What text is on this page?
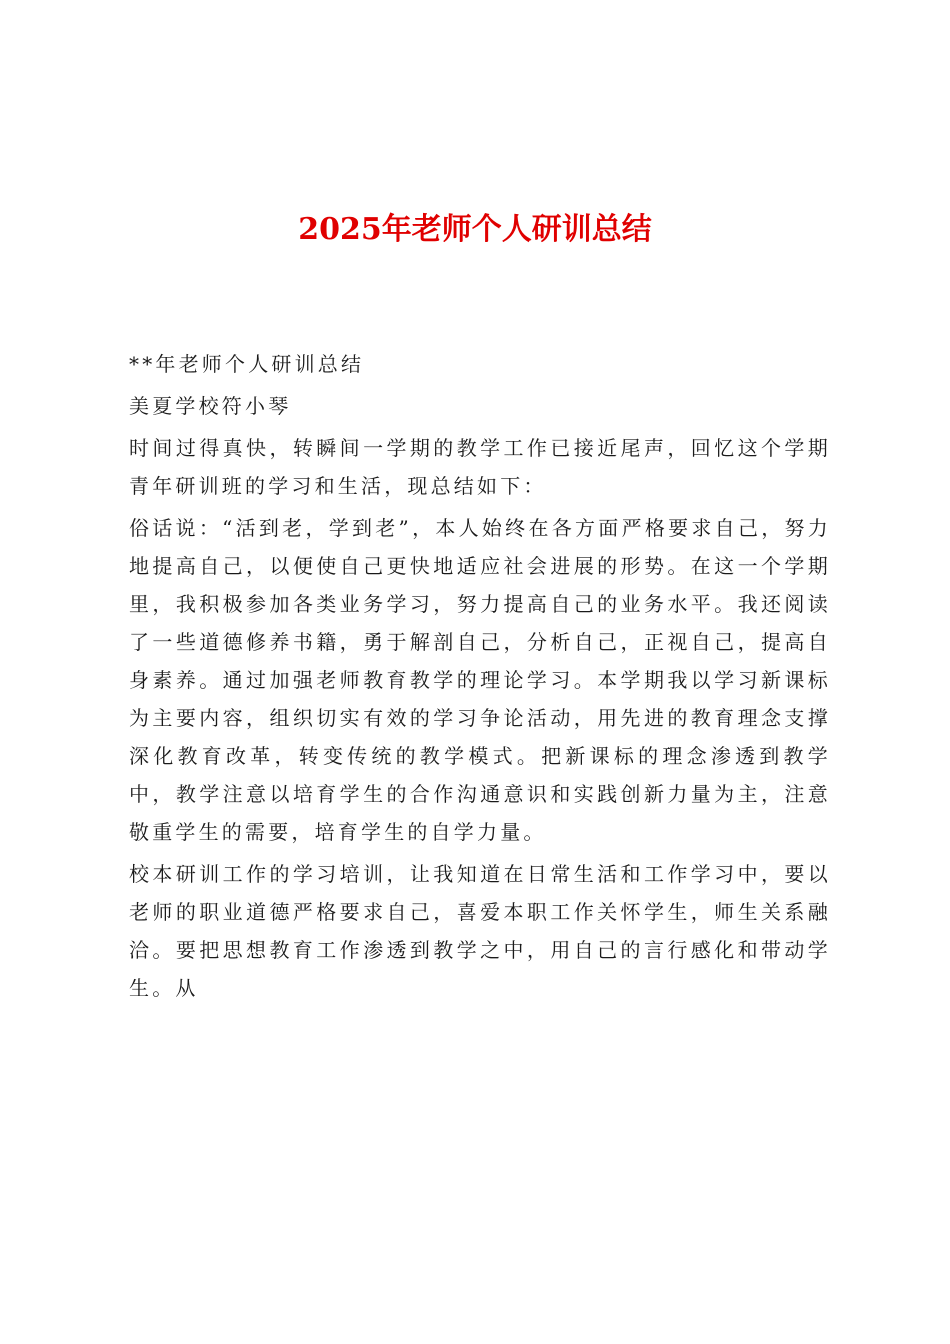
2025年老师个人研训总结

**年老师个人研训总结

美夏学校符小琴

时间过得真快，转瞬间一学期的教学工作已接近尾声，回忆这个学期青年研训班的学习和生活，现总结如下：

俗话说：“活到老，学到老”，本人始终在各方面严格要求自己，努力地提高自己，以便使自己更快地适应社会进展的形势。在这一个学期里，我积极参加各类业务学习，努力提高自己的业务水平。我还阅读了一些道德修养书籍，勇于解剖自己，分析自己，正视自己，提高自身素养。通过加强老师教育教学的理论学习。本学期我以学习新课标为主要内容，组织切实有效的学习争论活动，用先进的教育理念支撑深化教育改革，转变传统的教学模式。把新课标的理念渗透到教学中，教学注意以培育学生的合作沟通意识和实践创新力量为主，注意敬重学生的需要，培育学生的自学力量。

校本研训工作的学习培训，让我知道在日常生活和工作学习中，要以老师的职业道德严格要求自己，喜爱本职工作关怀学生，师生关系融洽。要把思想教育工作渗透到教学之中，用自己的言行感化和带动学生。从
